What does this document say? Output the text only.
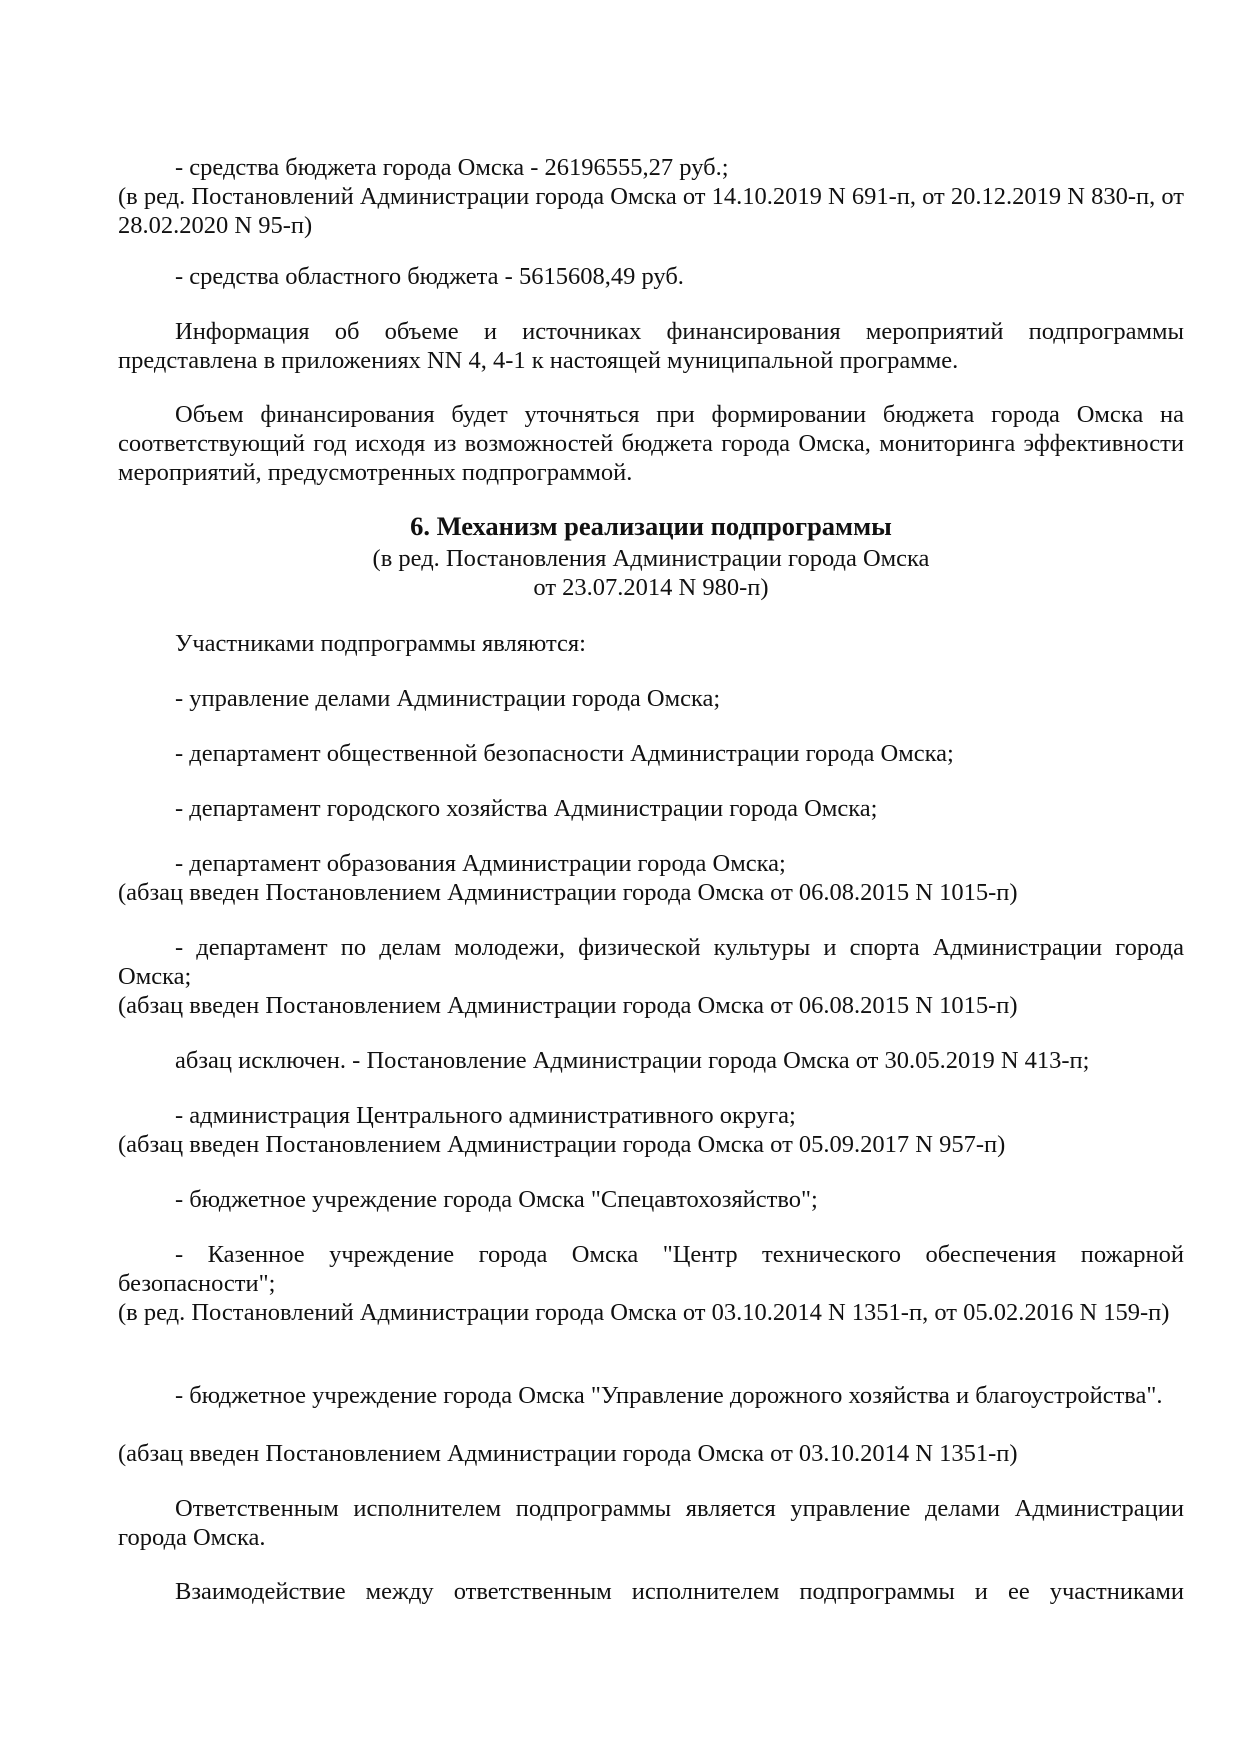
- средства бюджета города Омска - 26196555,27 руб.;

(в ред. Постановлений Администрации города Омска от 14.10.2019 N 691-п, от 20.12.2019 N 830-п, от 28.02.2020 N 95-п)

- средства областного бюджета - 5615608,49 руб.

Информация об объеме и источниках финансирования мероприятий подпрограммы представлена в приложениях NN 4, 4-1 к настоящей муниципальной программе.

Объем финансирования будет уточняться при формировании бюджета города Омска на соответствующий год исходя из возможностей бюджета города Омска, мониторинга эффективности мероприятий, предусмотренных подпрограммой.

6. Механизм реализации подпрограммы

(в ред. Постановления Администрации города Омска
от 23.07.2014 N 980-п)

Участниками подпрограммы являются:

- управление делами Администрации города Омска;

- департамент общественной безопасности Администрации города Омска;

- департамент городского хозяйства Администрации города Омска;

- департамент образования Администрации города Омска;

(абзац введен Постановлением Администрации города Омска от 06.08.2015 N 1015-п)

- департамент по делам молодежи, физической культуры и спорта Администрации города Омска;

(абзац введен Постановлением Администрации города Омска от 06.08.2015 N 1015-п)

абзац исключен. - Постановление Администрации города Омска от 30.05.2019 N 413-п;

- администрация Центрального административного округа;

(абзац введен Постановлением Администрации города Омска от 05.09.2017 N 957-п)

- бюджетное учреждение города Омска "Спецавтохозяйство";

- Казенное учреждение города Омска "Центр технического обеспечения пожарной безопасности";

(в ред. Постановлений Администрации города Омска от 03.10.2014 N 1351-п, от 05.02.2016 N 159-п)

- бюджетное учреждение города Омска "Управление дорожного хозяйства и благоустройства".

(абзац введен Постановлением Администрации города Омска от 03.10.2014 N 1351-п)

Ответственным исполнителем подпрограммы является управление делами Администрации города Омска.

Взаимодействие между ответственным исполнителем подпрограммы и ее участниками
